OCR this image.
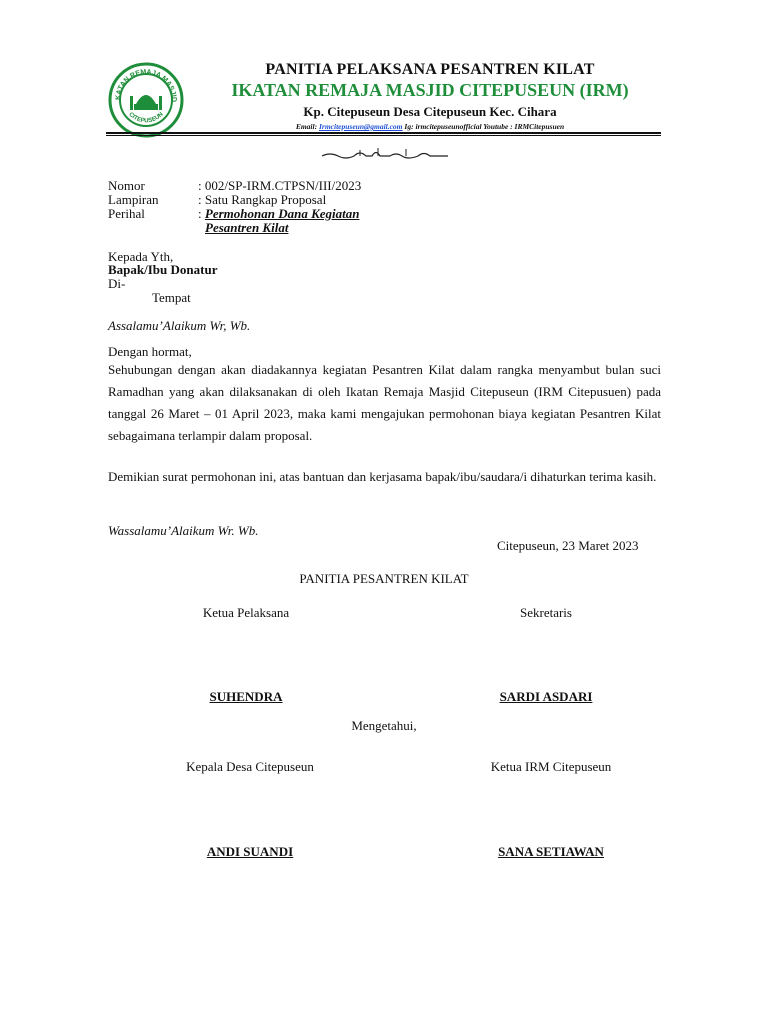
KATAN REMAJA MASJID
CITEPUSEUN
PANITIA PELAKSANA PESANTREN KILAT
IKATAN REMAJA MASJID CITEPUSEUN (IRM)
Kp. Citepuseun Desa Citepuseun Kec. Cihara
Email: Irmcitepuseun@gmail.com Ig: irmcitepuseunofficial Youtube : IRMCitepusuen
Nomor	: 002/SP-IRM.CTPSN/III/2023
Lampiran	: Satu Rangkap Proposal
Perihal	: Permohonan Dana Kegiatan
Pesantren Kilat
Kepada Yth,
Bapak/Ibu Donatur
Di-
Tempat
Assalamu’Alaikum Wr, Wb.
Dengan hormat,
Sehubungan dengan akan diadakannya kegiatan Pesantren Kilat dalam rangka menyambut bulan suci Ramadhan yang akan dilaksanakan di oleh Ikatan Remaja Masjid Citepuseun (IRM Citepusuen) pada tanggal 26 Maret – 01 April 2023, maka kami mengajukan permohonan biaya kegiatan Pesantren Kilat sebagaimana terlampir dalam proposal.
Demikian surat permohonan ini, atas bantuan dan kerjasama bapak/ibu/saudara/i dihaturkan terima kasih.
Wassalamu’Alaikum Wr. Wb.
Citepuseun, 23 Maret 2023
PANITIA PESANTREN KILAT
Ketua Pelaksana	Sekretaris
SUHENDRA	SARDI ASDARI
Mengetahui,
Kepala Desa Citepuseun	Ketua IRM Citepuseun
ANDI SUANDI	SANA SETIAWAN
